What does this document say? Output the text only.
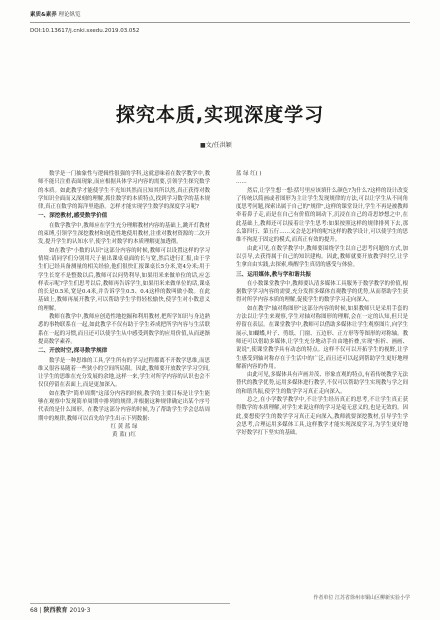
素质&素养 理论纵览
DOI:10.13617/j.cnki.sxedu.2019.03.052
探究本质,实现深度学习
■文/任洪颖

数学是一门抽象性与逻辑性很强的学科,这就意味着在数学教学中,教师不能只注重表面现象,而应根据具体学习内容的需要,引领学生探究数学的本质。如此教学才能使学生不光知其然而且知其所以然,真正获得对数学知识全面而又深刻的理解,抓住数学的本质特点,找到学习数学的基本规律,真正在数学的海洋里遨游。怎样才能实现学生数学的深度学习呢?

一、深挖教材,感受数学价值

在数学教学中,教师应在学生充分理解教材内容的基础上,跳开灯教材的束缚,引领学生深挖教材和创造性地使用教材,注重对教材资源的二次开发,提升学生的认知水平,使学生对数学的本质理解更加透彻。

如在教学"小数的认识"这部分内容的时候,教师可以设置这样的学习情境:请同学们分别用尺子量出课桌桌面的长与宽,然后进行汇报,由于学生们已经具备测量的相关经验,他们很快汇报课桌长5分米,宽4分米;用于学生长宽不是整数以后,教师可以问势利导,如果用米来做单位的话,应怎样表示呢?学生们思考以后,教师再告诉学生,如果用米来做单位的话,课桌的长是0.5米,宽是0.4米,并告诉学生0.5、0.4这样的数叫做小数。在此基础上,教师再展开教学,可以帮助学生学得轻松愉快,使学生对小数意义的理解。

教师在教学中,教师应创造性地挖掘和利用教材,把所学知识与身边熟悉的事物联系在一起,如此教学不仅有助于学生养成把所学内容与生活联系在一起的习惯,而且还可以使学生从中感受到数学的应用价值,从而逐渐提高数学素养。

二、开放时空,探寻数学规律

数学是一种思维的工具,学生所有的学习过程都离不开数学思维,而思维又很容易随着一些狭小的空间所局限。因此,教师要开放数学学习空间,让学生的思维在充分发展的余地,这样一来,学生对所学内容的认识也会不仅仅停留在表面上,而是更加深入。

如在教学"简单周期"这部分内容的时候,教学的主要目标是让学生能够在观察中发现简单周期中排列的规律,并根据这种规律确定出某个序号代表的是什么图形。在教学这部分内容的时候,为了帮助学生学会总结周期中的规律,教师可以首先给学生出示下列数据:

红 黄 蓝 绿

黄 蓝( )红

蓝 绿 红( )

……

然后,让学生想一想:括号里应该填什么颜色?为什么?这样的设计改变了传统以简画或者图形为主让学生发现规律的方法,可以让学生从不同角度思考问题,探索出属于自己的"规律",这样的课堂设计,学生不再是被教师牵着鼻子走,而是在自己有价值的调动下,沉浸在自己的奇思妙想之中,在此基础上,教师还可以接着让学生思考:如果按照这样的规律排列下去,那么第四行、第五行……又会是怎样的呢?这样的教学设计,可以使学生的思维不拘泥于固定的模式,而真正有效的提升。

由此可见,在数学教学中,教师要围绕学生以自己思考问题的方式,加以引导,去获得属于自己的知识建构。因此,教师就要开放教学时空,让学生拿自由实践,去探索,唤醒学生真切的感受与体验。

三、运用媒体,教与学和谐共振

在小数课堂教学中,教师要认清多媒体工具服务于数学教学的价值,根据数学学习内容的需要,充分发挥多媒体直观教学的优势,从而帮助学生获得对所学内容本质的理解,促使学生的数学学习走向深入。

如在教学"轴对称图形"这部分内容的时候,如果教师只是采用手套的方法以让学生来观察,学生对轴对称图形的理解,会在一定的认知,但只是停留在表层。在课堂教学中,教师可以借助多媒体让学生观察图片,向学生展示,如蝴蝶,叶子、剪纸、门窗、五边形、正方形等等图形的对称轴。教师还可以借助多媒体,让学生充分地动手自由地折叠,实现"折折、画画、说说",使课堂教学具有动态的特点。这样不仅可以开拓学生的视野,让学生感受到轴对称存在于生活中的广泛,而且还可以起到帮助学生更好地理解新内容的作用。

由此可见,多媒体具有声画并茂、形象直观的特点,有着传统教学无法替代的教学优势,运用多媒体进行教学,不仅可以帮助学生实现教与学之间的和谐共振,使学生的数学学习真正走向深入。

总之,在小学数学教学中,不让学生经历真正的思考,不让学生真正获得数学的本质理解,对学生来说这样的学习是毫无意义的,也是无效的。因此,要想使学生的数学学习真正走向深入,教师就要深挖教材,引导学生学会思考,合理运用多媒体工具,这样教学才能实现深度学习,为学生更好地学好数学打下坚实的基础。

作者单位 江苏省徐州市铜山区柳新实验小学
68 | 陕西教育 2019·3
